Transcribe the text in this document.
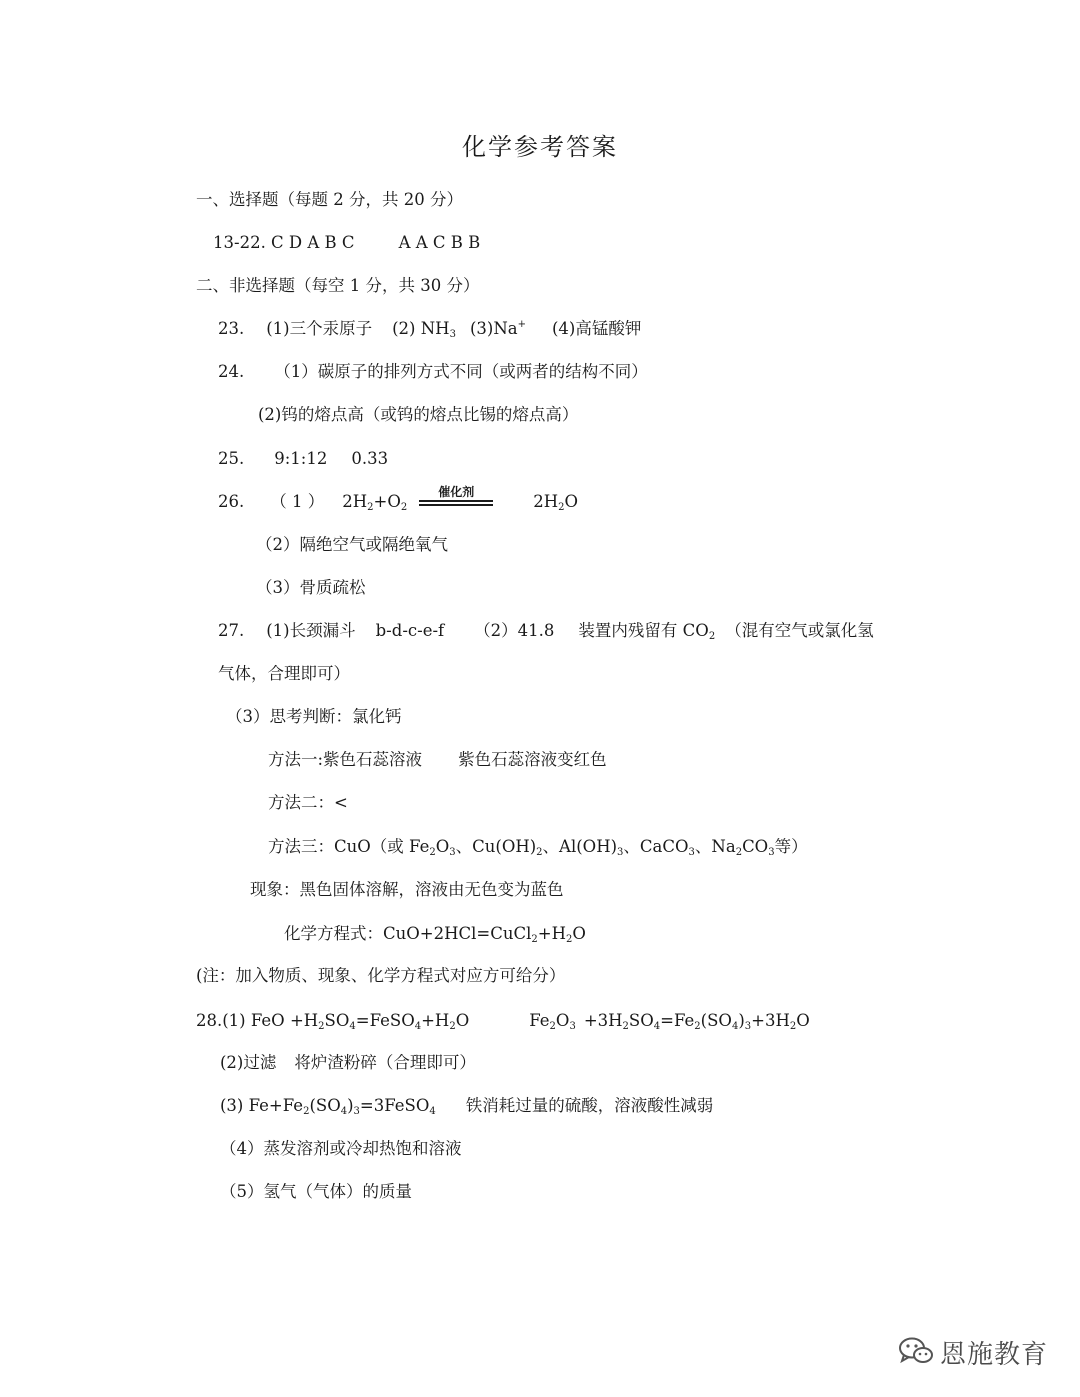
化学参考答案
一、选择题（每题 2 分，共 20 分）
13-22. C D A B C	A A C B B
二、非选择题（每空 1 分，共 30 分）
23. (1)三个汞原子 (2) $NH_3$ (3)Na+ (4)高锰酸钾
24. （1）碳原子的排列方式不同（或两者的结构不同）
(2)钨的熔点高（或钨的熔点比锡的熔点高）
25. 9:1:12 0.33
26. （ 1 ） $2H_2+O_2$
催化剂	$2H_2O$
（2）隔绝空气或隔绝氧气
（3）骨质疏松
27. (1)长颈漏斗 b-d-c-e-f （2）41.8 装置内残留有 $CO_2$ （混有空气或氯化氢
气体，合理即可）
（3）思考判断：氯化钙
方法一:紫色石蕊溶液 紫色石蕊溶液变红色
方法二：<
方法三：CuO（或 $Fe_2O_3$、$Cu(OH)_2$、$Al(OH)_3$、CaCO$_3$、$Na_2CO_3$等）
现象：黑色固体溶解，溶液由无色变为蓝色
化学方程式：$CuO+2HCl=CuCl_2+H_2O$
(注：加入物质、现象、化学方程式对应方可给分）
28.(1) FeO $+H_2SO_4=FeSO_4+H_2O$	$Fe_2O_3 +3H_2SO_4=Fe_2(SO_4)_3+3H_2O$
(2)过滤 将炉渣粉碎（合理即可）
(3) $Fe+Fe_2(SO_4)_3=3FeSO_4$ 铁消耗过量的硫酸，溶液酸性减弱
（4）蒸发溶剂或冷却热饱和溶液
（5）氢气（气体）的质量
恩施教育
